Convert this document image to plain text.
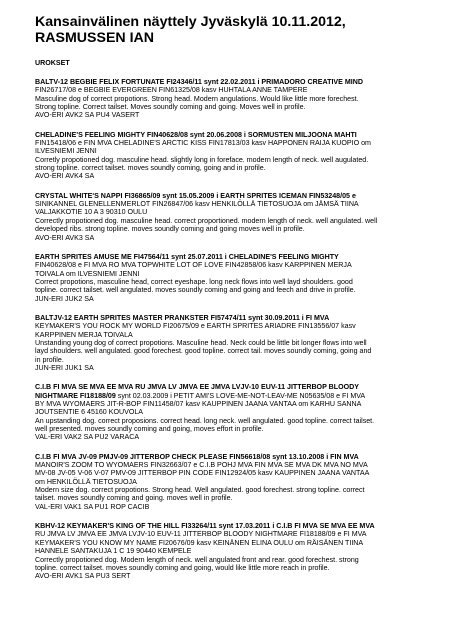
Kansainvälinen näyttely Jyväskylä 10.11.2012,
RASMUSSEN IAN
UROKSET
BALTV-12 BEGBIE FELIX FORTUNATE FI24346/11 synt 22.02.2011 i PRIMADORO CREATIVE MIND
FIN26717/08 e BEGBIE EVERGREEN FIN61325/08 kasv HUHTALA ANNE TAMPERE
Masculine dog of correct propotions. Strong head. Modern angulations. Would like little more forechest.
Strong topline. Correct tailset. Moves soundly coming and going. Moves well in profile.
AVO-ERI AVK2 SA PU4 VASERT
CHELADINE'S FEELING MIGHTY FIN40628/08 synt 20.06.2008 i SORMUSTEN MILJOONA MAHTI
FIN15418/06 e FIN MVA CHELADINE'S ARCTIC KISS FIN17813/03 kasv HAPPONEN RAIJA KUOPIO om
ILVESNIEMI JENNI
Corretly propotioned dog. masculine head. slightly long in foreface. modern length of neck. well augulated.
strong topline. correct tailset. moves soundly coming, going and in profile.
AVO-ERI AVK4 SA
CRYSTAL WHITE'S NAPPI FI36865/09 synt 15.05.2009 i EARTH SPRITES ICEMAN FIN53248/05 e
SINIKANNEL GLENELLENMERLOT FIN26847/06 kasv HENKILÖLLÄ TIETOSUOJA om JÄMSÄ TIINA
VALJAKKOTIE 10 A 3 90310 OULU
Correctly propotioned dog. masculine head. correct proportioned. modern length of neck. well angulated. well
developed ribs. strong topline. moves soundly coming and going moves well in profile.
AVO-ERI AVK3 SA
EARTH SPRITES AMUSE ME FI47564/11 synt 25.07.2011 i CHELADINE'S FEELING MIGHTY
FIN40628/08 e FI MVA RO MVA TOPWHITE LOT OF LOVE FIN42858/06 kasv KARPPINEN MERJA
TOIVALA om ILVESNIEMI JENNI
Correct propotions, masculine head, correct eyeshape. long neck flows into well layd shoulders. good
topline. correct tailset. well angulated. moves soundly coming and going and feech and drive in profile.
JUN-ERI JUK2 SA
BALTJV-12 EARTH SPRITES MASTER PRANKSTER FI57474/11 synt 30.09.2011 i FI MVA
KEYMAKER'S YOU ROCK MY WORLD FI20675/09 e EARTH SPRITES ARIADRE FIN13556/07 kasv
KARPPINEN MERJA TOIVALA
Unstanding young dog of correct propotions. Masculine head. Neck could be little bit longer flows into well
layd shoulders. well angulated. good forechest. good topline. correct tail. moves soundly coming, going and
in profile.
JUN-ERI JUK1 SA
C.I.B FI MVA SE MVA EE MVA RU JMVA LV JMVA EE JMVA LVJV-10 EUV-11 JITTERBOP BLOODY
NIGHTMARE FI18188/09 synt 02.03.2009 i PETIT AMI'S LOVE-ME-NOT-LEAV-ME N05635/08 e FI MVA
BY MVA WYOMAERS JIT-R-BOP FIN11458/07 kasv KAUPPINEN JAANA VANTAA om KARHU SANNA
JOUTSENTIE 6 45160 KOUVOLA
An upstanding dog. correct proposions. correct head. long neck. well angulated. good topline. correct tailset.
well presented. moves soundly coming and going, moves effort in profile.
VAL-ERI VAK2 SA PU2 VARACA
C.I.B FI MVA JV-09 PMJV-09 JITTERBOP CHECK PLEASE FIN56618/08 synt 13.10.2008 i FIN MVA
MANOIR'S ZOOM TO WYOMAERS FIN32663/07 e C.I.B POHJ MVA FIN MVA SE MVA DK MVA NO MVA
MV-08 JV-05 V-06 V-07 PMV-09 JITTERBOP PIN CODE FIN12924/05 kasv KAUPPINEN JAANA VANTAA
om HENKILÖLLÄ TIETOSUOJA
Modern size dog. correct propotions. Strong head. Well angulated. good forechest. strong topline. correct
tailset. moves soundly coming and going. moves well in profile.
VAL-ERI VAK1 SA PU1 ROP CACIB
KBHV-12 KEYMAKER'S KING OF THE HILL FI33264/11 synt 17.03.2011 i C.I.B FI MVA SE MVA EE MVA
RU JMVA LV JMVA EE JMVA LVJV-10 EUV-11 JITTERBOP BLOODY NIGHTMARE FI18188/09 e FI MVA
KEYMAKER'S YOU KNOW MY NAME FI20676/09 kasv KEINÄNEN ELINA OULU om RÄISÄNEN TIINA
HANNELE SANTAKUJA 1 C 19 90440 KEMPELE
Correctly propotioned dog. Modern length of neck. well angulated front and rear. good forechest. strong
topline. correct tailset. moves soundly coming and going, would like little more reach in profile.
AVO-ERI AVK1 SA PU3 SERT
